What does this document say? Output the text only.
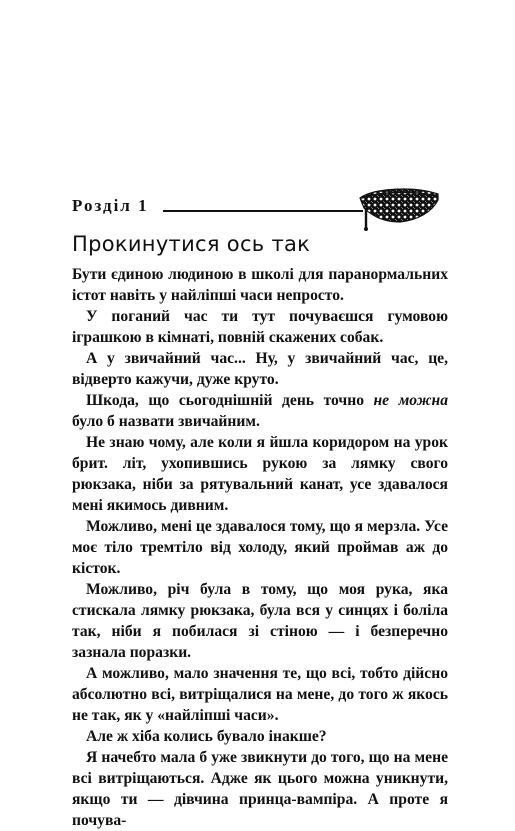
Розділ 1
Прокинутися ось так

Бути єдиною людиною в школі для паранормальних істот навіть у найліпші часи непросто.

У поганий час ти тут почуваєшся гумовою іграшкою в кімнаті, повній скажених собак.

А у звичайний час... Ну, у звичайний час, це, відверто кажучи, дуже круто.

Шкода, що сьогоднішній день точно не можна було б назвати звичайним.

Не знаю чому, але коли я йшла коридором на урок брит. літ, ухопившись рукою за лямку свого рюкзака, ніби за рятувальний канат, усе здавалося мені якимось дивним.

Можливо, мені це здавалося тому, що я мерзла. Усе моє тіло тремтіло від холоду, який проймав аж до кісток.

Можливо, річ була в тому, що моя рука, яка стискала лямку рюкзака, була вся у синцях і боліла так, ніби я побилася зі стіною — і безперечно зазнала поразки.

А можливо, мало значення те, що всі, тобто дійсно абсолютно всі, витріщалися на мене, до того ж якось не так, як у «найліпші часи».

Але ж хіба колись бувало інакше?

Я начебто мала б уже звикнути до того, що на мене всі витріщаються. Адже як цього можна уникнути, якщо ти — дівчина принца-вампіра. А проте я почува-
